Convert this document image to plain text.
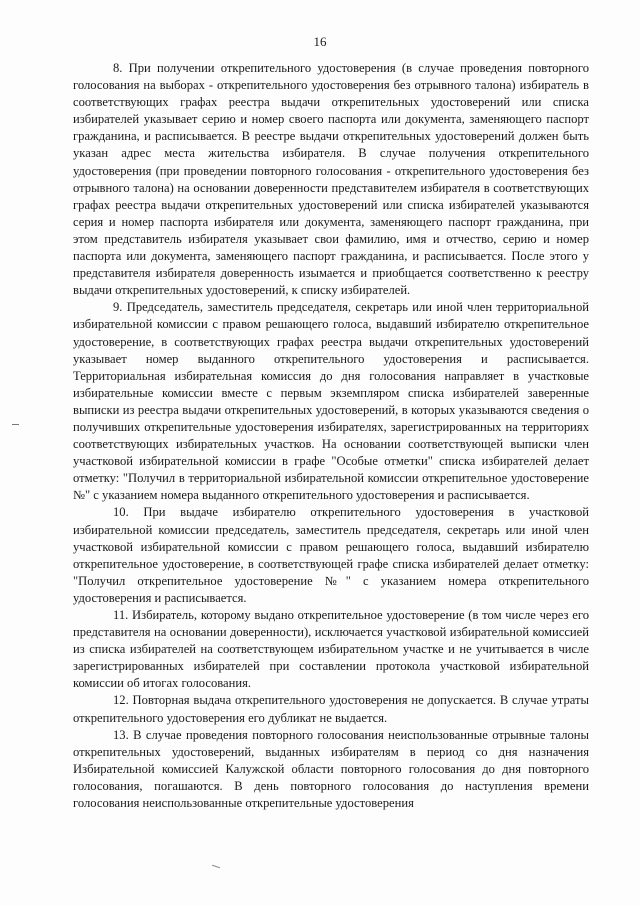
16

8. При получении открепительного удостоверения (в случае проведения повторного голосования на выборах - открепительного удостоверения без отрывного талона) избиратель в соответствующих графах реестра выдачи открепительных удостоверений или списка избирателей указывает серию и номер своего паспорта или документа, заменяющего паспорт гражданина, и расписывается. В реестре выдачи открепительных удостоверений должен быть указан адрес места жительства избирателя. В случае получения открепительного удостоверения (при проведении повторного голосования - открепительного удостоверения без отрывного талона) на основании доверенности представителем избирателя в соответствующих графах реестра выдачи открепительных удостоверений или списка избирателей указываются серия и номер паспорта избирателя или документа, заменяющего паспорт гражданина, при этом представитель избирателя указывает свои фамилию, имя и отчество, серию и номер паспорта или документа, заменяющего паспорт гражданина, и расписывается. После этого у представителя избирателя доверенность изымается и приобщается соответственно к реестру выдачи открепительных удостоверений, к списку избирателей.

9. Председатель, заместитель председателя, секретарь или иной член территориальной избирательной комиссии с правом решающего голоса, выдавший избирателю открепительное удостоверение, в соответствующих графах реестра выдачи открепительных удостоверений указывает номер выданного открепительного удостоверения и расписывается. Территориальная избирательная комиссия до дня голосования направляет в участковые избирательные комиссии вместе с первым экземпляром списка избирателей заверенные выписки из реестра выдачи открепительных удостоверений, в которых указываются сведения о получивших открепительные удостоверения избирателях, зарегистрированных на территориях соответствующих избирательных участков. На основании соответствующей выписки член участковой избирательной комиссии в графе "Особые отметки" списка избирателей делает отметку: "Получил в территориальной избирательной комиссии открепительное удостоверение №" с указанием номера выданного открепительного удостоверения и расписывается.

10. При выдаче избирателю открепительного удостоверения в участковой избирательной комиссии председатель, заместитель председателя, секретарь или иной член участковой избирательной комиссии с правом решающего голоса, выдавший избирателю открепительное удостоверение, в соответствующей графе списка избирателей делает отметку: "Получил открепительное удостоверение №" с указанием номера открепительного удостоверения и расписывается.

11. Избиратель, которому выдано открепительное удостоверение (в том числе через его представителя на основании доверенности), исключается участковой избирательной комиссией из списка избирателей на соответствующем избирательном участке и не учитывается в числе зарегистрированных избирателей при составлении протокола участковой избирательной комиссии об итогах голосования.

12. Повторная выдача открепительного удостоверения не допускается. В случае утраты открепительного удостоверения его дубликат не выдается.

13. В случае проведения повторного голосования неиспользованные отрывные талоны открепительных удостоверений, выданных избирателям в период со дня назначения Избирательной комиссией Калужской области повторного голосования до дня повторного голосования, погашаются. В день повторного голосования до наступления времени голосования неиспользованные открепительные удостоверения
